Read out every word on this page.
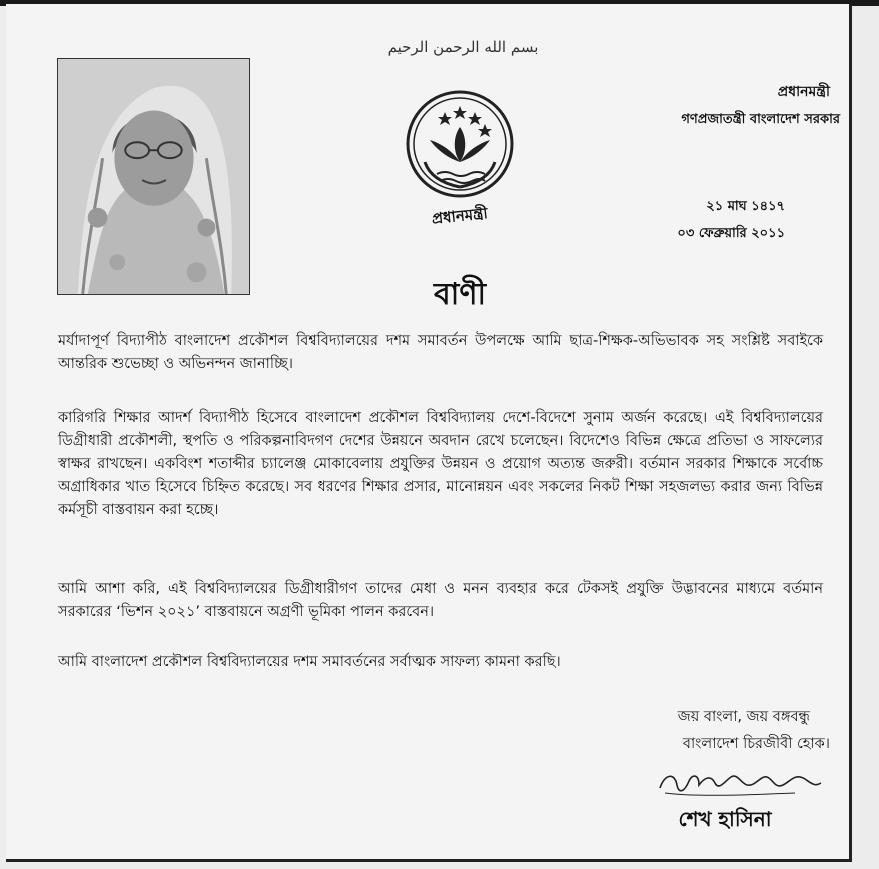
بسم الله الرحمن الرحيم
প্রধানমন্ত্রী
প্রধানমন্ত্রী
গণপ্রজাতন্ত্রী বাংলাদেশ সরকার
২১ মাঘ ১৪১৭
০৩ ফেব্রুয়ারি ২০১১
বাণী
মর্যাদাপূর্ণ বিদ্যাপীঠ বাংলাদেশ প্রকৌশল বিশ্ববিদ্যালয়ের দশম সমাবর্তন উপলক্ষে আমি ছাত্র-শিক্ষক-অভিভাবক সহ সংশ্লিষ্ট সবাইকে আন্তরিক শুভেচ্ছা ও অভিনন্দন জানাচ্ছি।
কারিগরি শিক্ষার আদর্শ বিদ্যাপীঠ হিসেবে বাংলাদেশ প্রকৌশল বিশ্ববিদ্যালয় দেশে-বিদেশে সুনাম অর্জন করেছে। এই বিশ্ববিদ্যালয়ের ডিগ্রীধারী প্রকৌশলী, স্থপতি ও পরিকল্পনাবিদগণ দেশের উন্নয়নে অবদান রেখে চলেছেন। বিদেশেও বিভিন্ন ক্ষেত্রে প্রতিভা ও সাফল্যের স্বাক্ষর রাখছেন। একবিংশ শতাব্দীর চ্যালেঞ্জ মোকাবেলায় প্রযুক্তির উন্নয়ন ও প্রয়োগ অত্যন্ত জরুরী। বর্তমান সরকার শিক্ষাকে সর্বোচ্চ অগ্রাধিকার খাত হিসেবে চিহ্নিত করেছে। সব ধরণের শিক্ষার প্রসার, মানোন্নয়ন এবং সকলের নিকট শিক্ষা সহজলভ্য করার জন্য বিভিন্ন কর্মসূচী বাস্তবায়ন করা হচ্ছে।
আমি আশা করি, এই বিশ্ববিদ্যালয়ের ডিগ্রীধারীগণ তাদের মেধা ও মনন ব্যবহার করে টেকসই প্রযুক্তি উদ্ভাবনের মাধ্যমে বর্তমান সরকারের ‘ভিশন ২০২১’ বাস্তবায়নে অগ্রণী ভূমিকা পালন করবেন।
আমি বাংলাদেশ প্রকৌশল বিশ্ববিদ্যালয়ের দশম সমাবর্তনের সর্বাত্মক সাফল্য কামনা করছি।
জয় বাংলা, জয় বঙ্গবন্ধু
বাংলাদেশ চিরজীবী হোক।
শেখ হাসিনা
